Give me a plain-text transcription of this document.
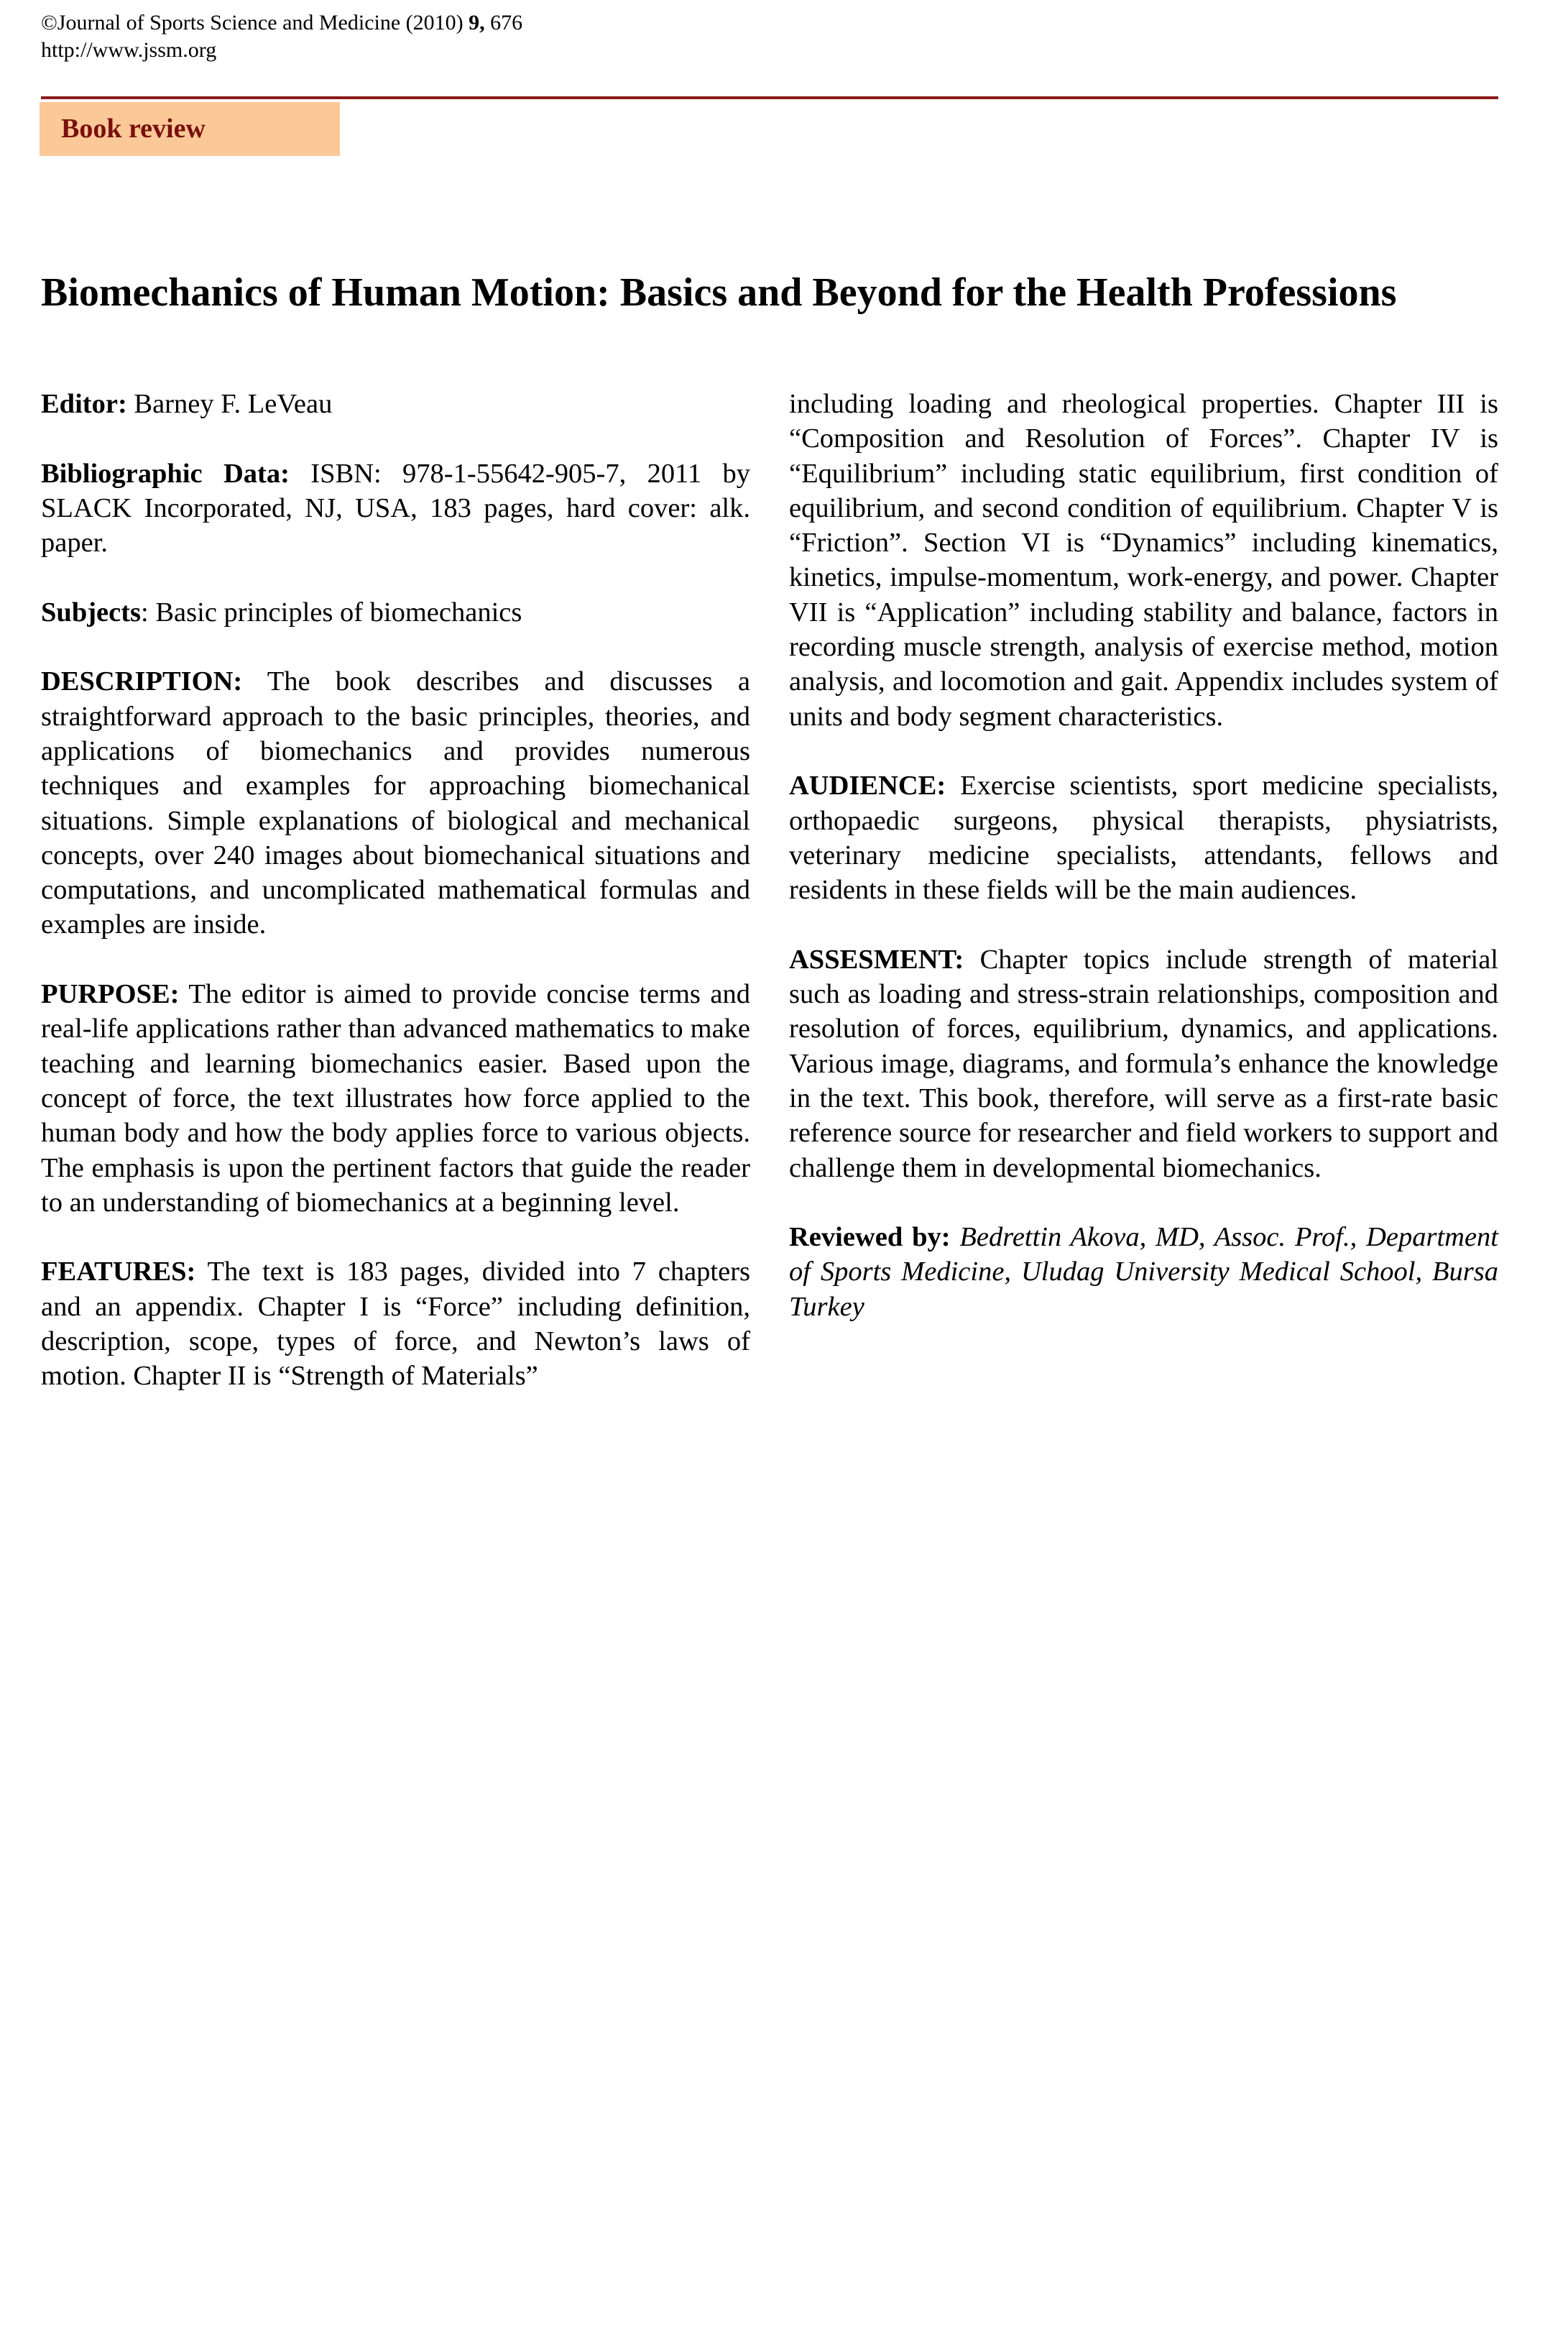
©Journal of Sports Science and Medicine (2010) 9, 676
http://www.jssm.org
Book review
Biomechanics of Human Motion: Basics and Beyond for the Health Professions

Editor: Barney F. LeVeau

Bibliographic Data: ISBN: 978-1-55642-905-7, 2011 by SLACK Incorporated, NJ, USA, 183 pages, hard cover: alk. paper.

Subjects: Basic principles of biomechanics

DESCRIPTION: The book describes and discusses a straightforward approach to the basic principles, theories, and applications of biomechanics and provides numerous techniques and examples for approaching biomechanical situations. Simple explanations of biological and mechanical concepts, over 240 images about biomechanical situations and computations, and uncomplicated mathematical formulas and examples are inside.

PURPOSE: The editor is aimed to provide concise terms and real-life applications rather than advanced mathematics to make teaching and learning biomechanics easier. Based upon the concept of force, the text illustrates how force applied to the human body and how the body applies force to various objects. The emphasis is upon the pertinent factors that guide the reader to an understanding of biomechanics at a beginning level.

FEATURES: The text is 183 pages, divided into 7 chapters and an appendix. Chapter I is “Force” including definition, description, scope, types of force, and Newton’s laws of motion. Chapter II is “Strength of Materials”

including loading and rheological properties. Chapter III is “Composition and Resolution of Forces”. Chapter IV is “Equilibrium” including static equilibrium, first condition of equilibrium, and second condition of equilibrium. Chapter V is “Friction”. Section VI is “Dynamics” including kinematics, kinetics, impulse-momentum, work-energy, and power. Chapter VII is “Application” including stability and balance, factors in recording muscle strength, analysis of exercise method, motion analysis, and locomotion and gait. Appendix includes system of units and body segment characteristics.

AUDIENCE: Exercise scientists, sport medicine specialists, orthopaedic surgeons, physical therapists, physiatrists, veterinary medicine specialists, attendants, fellows and residents in these fields will be the main audiences.

ASSESMENT: Chapter topics include strength of material such as loading and stress-strain relationships, composition and resolution of forces, equilibrium, dynamics, and applications. Various image, diagrams, and formula’s enhance the knowledge in the text. This book, therefore, will serve as a first-rate basic reference source for researcher and field workers to support and challenge them in developmental biomechanics.

Reviewed by: Bedrettin Akova, MD, Assoc. Prof., Department of Sports Medicine, Uludag University Medical School, Bursa Turkey
